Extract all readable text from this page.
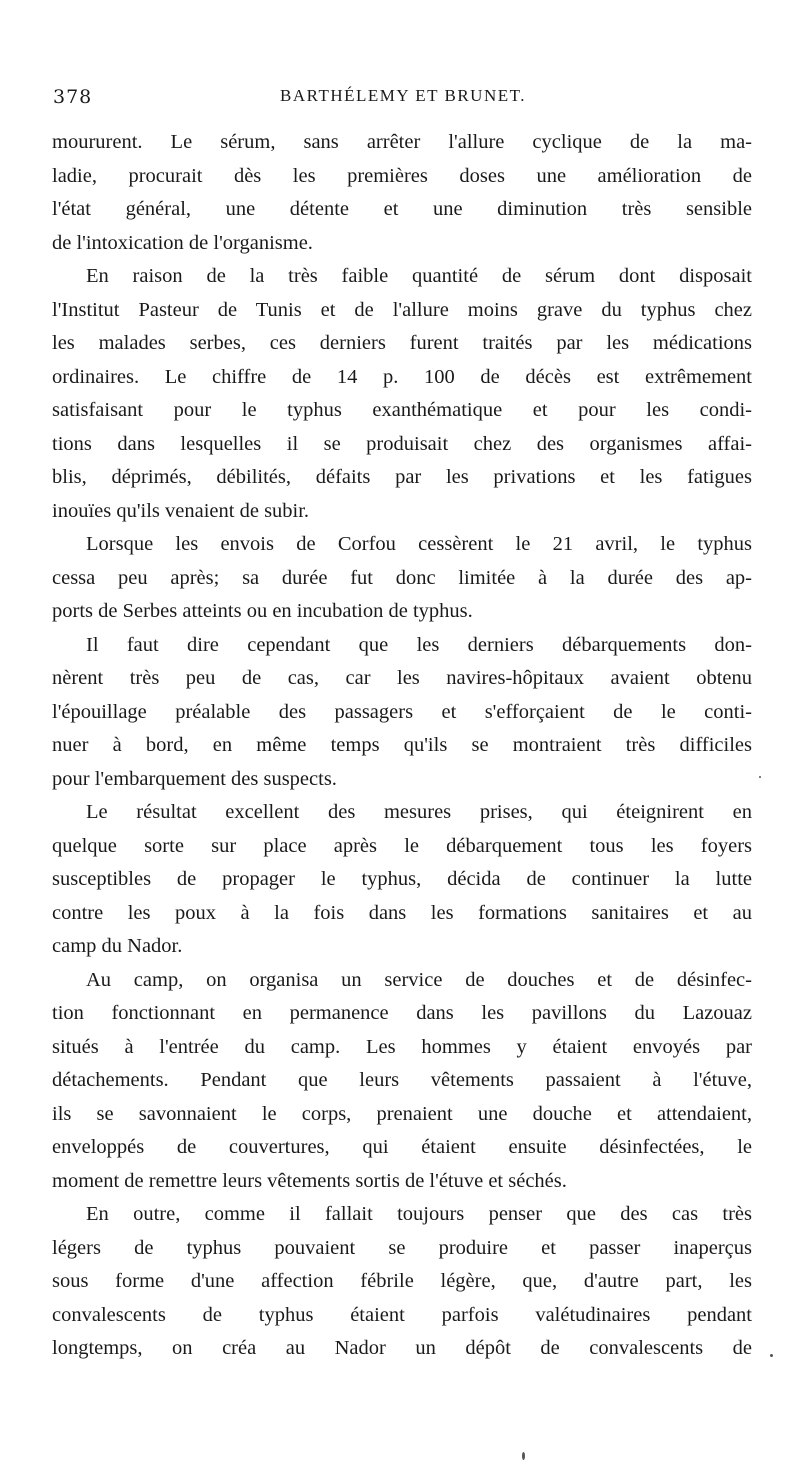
378	BARTHÉLEMY ET BRUNET.
moururent. Le sérum, sans arrêter l'allure cyclique de la ma-
ladie, procurait dès les premières doses une amélioration de
l'état général, une détente et une diminution très sensible
de l'intoxication de l'organisme.
En raison de la très faible quantité de sérum dont disposait
l'Institut Pasteur de Tunis et de l'allure moins grave du typhus chez
les malades serbes, ces derniers furent traités par les médications
ordinaires. Le chiffre de 14 p. 100 de décès est extrêmement
satisfaisant pour le typhus exanthématique et pour les condi-
tions dans lesquelles il se produisait chez des organismes affai-
blis, déprimés, débilités, défaits par les privations et les fatigues
inouïes qu'ils venaient de subir.
Lorsque les envois de Corfou cessèrent le 21 avril, le typhus
cessa peu après; sa durée fut donc limitée à la durée des ap-
ports de Serbes atteints ou en incubation de typhus.
Il faut dire cependant que les derniers débarquements don-
nèrent très peu de cas, car les navires-hôpitaux avaient obtenu
l'épouillage préalable des passagers et s'efforçaient de le conti-
nuer à bord, en même temps qu'ils se montraient très difficiles
pour l'embarquement des suspects.
Le résultat excellent des mesures prises, qui éteignirent en
quelque sorte sur place après le débarquement tous les foyers
susceptibles de propager le typhus, décida de continuer la lutte
contre les poux à la fois dans les formations sanitaires et au
camp du Nador.
Au camp, on organisa un service de douches et de désinfec-
tion fonctionnant en permanence dans les pavillons du Lazouaz
situés à l'entrée du camp. Les hommes y étaient envoyés par
détachements. Pendant que leurs vêtements passaient à l'étuve,
ils se savonnaient le corps, prenaient une douche et attendaient,
enveloppés de couvertures, qui étaient ensuite désinfectées, le
moment de remettre leurs vêtements sortis de l'étuve et séchés.
En outre, comme il fallait toujours penser que des cas très
légers de typhus pouvaient se produire et passer inaperçus
sous forme d'une affection fébrile légère, que, d'autre part, les
convalescents de typhus étaient parfois valétudinaires pendant
longtemps, on créa au Nador un dépôt de convalescents de
